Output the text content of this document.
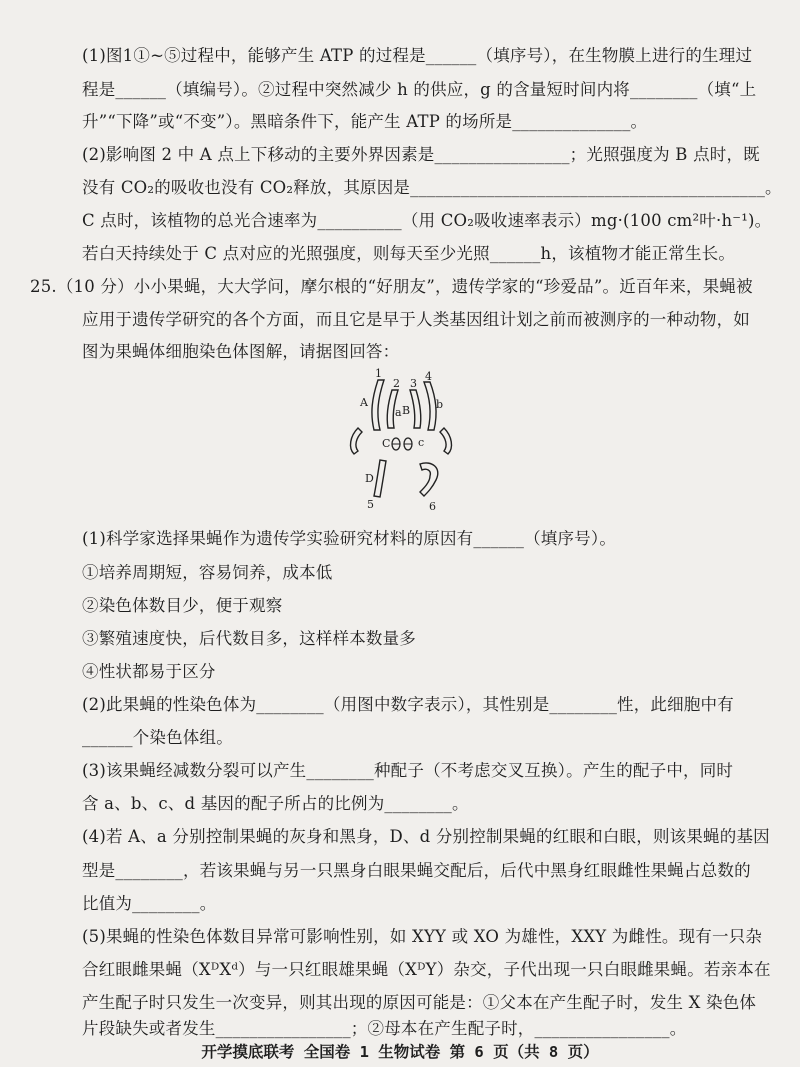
(1)图1①~⑤过程中，能够产生 ATP 的过程是______（填序号），在生物膜上进行的生理过
程是______（填编号）。②过程中突然减少 h 的供应，g 的含量短时间内将________（填“上
升”“下降”或“不变”）。黑暗条件下，能产生 ATP 的场所是______________。
(2)影响图 2 中 A 点上下移动的主要外界因素是________________；光照强度为 B 点时，既
没有 CO₂的吸收也没有 CO₂释放，其原因是__________________________________________。
C 点时，该植物的总光合速率为__________（用 CO₂吸收速率表示）mg·(100 cm²叶·h⁻¹)。
若白天持续处于 C 点对应的光照强度，则每天至少光照______h，该植物才能正常生长。
25.（10 分）小小果蝇，大大学问，摩尔根的“好朋友”，遗传学家的“珍爱品”。近百年来，果蝇被
应用于遗传学研究的各个方面，而且它是早于人类基因组计划之前而被测序的一种动物，如
图为果蝇体细胞染色体图解，请据图回答：
1
2 3
4
5	6
A
a B b
C	c
D
(1)科学家选择果蝇作为遗传学实验研究材料的原因有______（填序号）。
①培养周期短，容易饲养，成本低
②染色体数目少，便于观察
③繁殖速度快，后代数目多，这样样本数量多
④性状都易于区分
(2)此果蝇的性染色体为________（用图中数字表示），其性别是________性，此细胞中有
______个染色体组。
(3)该果蝇经减数分裂可以产生________种配子（不考虑交叉互换）。产生的配子中，同时
含 a、b、c、d 基因的配子所占的比例为________。
(4)若 A、a 分别控制果蝇的灰身和黑身，D、d 分别控制果蝇的红眼和白眼，则该果蝇的基因
型是________，若该果蝇与另一只黑身白眼果蝇交配后，后代中黑身红眼雌性果蝇占总数的
比值为________。
(5)果蝇的性染色体数目异常可影响性别，如 XYY 或 XO 为雄性，XXY 为雌性。现有一只杂
合红眼雌果蝇（XᴰXᵈ）与一只红眼雄果蝇（XᴰY）杂交，子代出现一只白眼雌果蝇。若亲本在
产生配子时只发生一次变异，则其出现的原因可能是：①父本在产生配子时，发生 X 染色体
片段缺失或者发生________________；②母本在产生配子时，________________。
开学摸底联考 全国卷 1 生物试卷 第 6 页（共 8 页）
